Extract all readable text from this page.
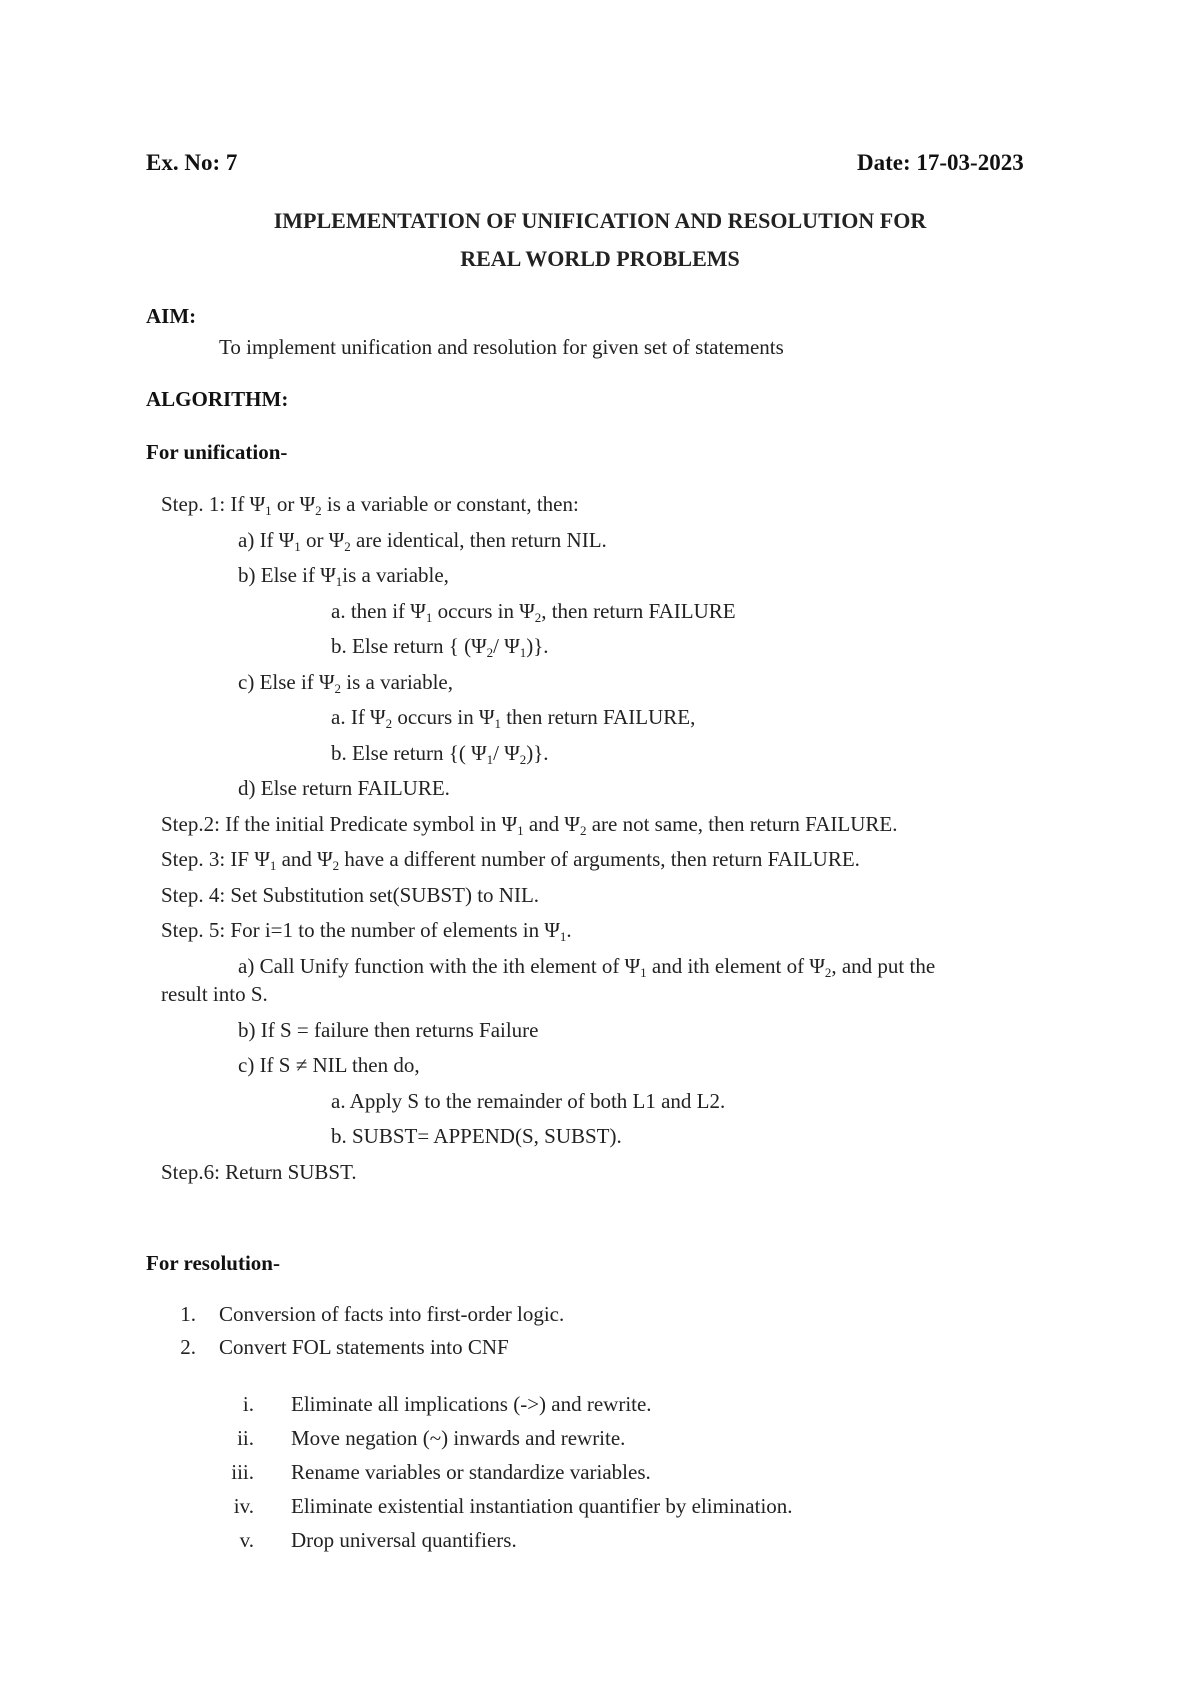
Ex. No: 7	Date: 17-03-2023
IMPLEMENTATION OF UNIFICATION AND RESOLUTION FOR
REAL WORLD PROBLEMS
AIM:
To implement unification and resolution for given set of statements
ALGORITHM:
For unification-
Step. 1: If $\Psi_1$ or $\Psi_2$ is a variable or constant, then:
a) If $\Psi_1$ or $\Psi_2$ are identical, then return NIL.
b) Else if $\Psi_1is$ a variable,
a. then if $\Psi_1$ occurs in $\Psi_2$, then return FAILURE
b. Else return { ($\Psi_2/$ $\Psi_1$)}.
c) Else if $\Psi_2$ is a variable,
a. If $\Psi_2$ occurs in $\Psi_1$ then return FAILURE,
b. Else return {( $\Psi_1/$ $\Psi_2$)}.
d) Else return FAILURE.
Step.2: If the initial Predicate symbol in $\Psi_1$ and $\Psi_2$ are not same, then return FAILURE.
Step. 3: IF $\Psi_1$ and $\Psi_2$ have a different number of arguments, then return FAILURE.
Step. 4: Set Substitution set(SUBST) to NIL.
Step. 5: For i=1 to the number of elements in $\Psi_1$.
a) Call Unify function with the ith element of $\Psi_1$ and ith element of $\Psi_2$, and put the
result into S.
b) If S = failure then returns Failure
c) If S ≠ NIL then do,
a. Apply S to the remainder of both L1 and L2.
b. SUBST= APPEND(S, SUBST).
Step.6: Return SUBST.
For resolution-
1. Conversion of facts into first-order logic.
2. Convert FOL statements into CNF
i. Eliminate all implications (->) and rewrite.
ii. Move negation (~) inwards and rewrite.
iii. Rename variables or standardize variables.
iv. Eliminate existential instantiation quantifier by elimination.
v. Drop universal quantifiers.
